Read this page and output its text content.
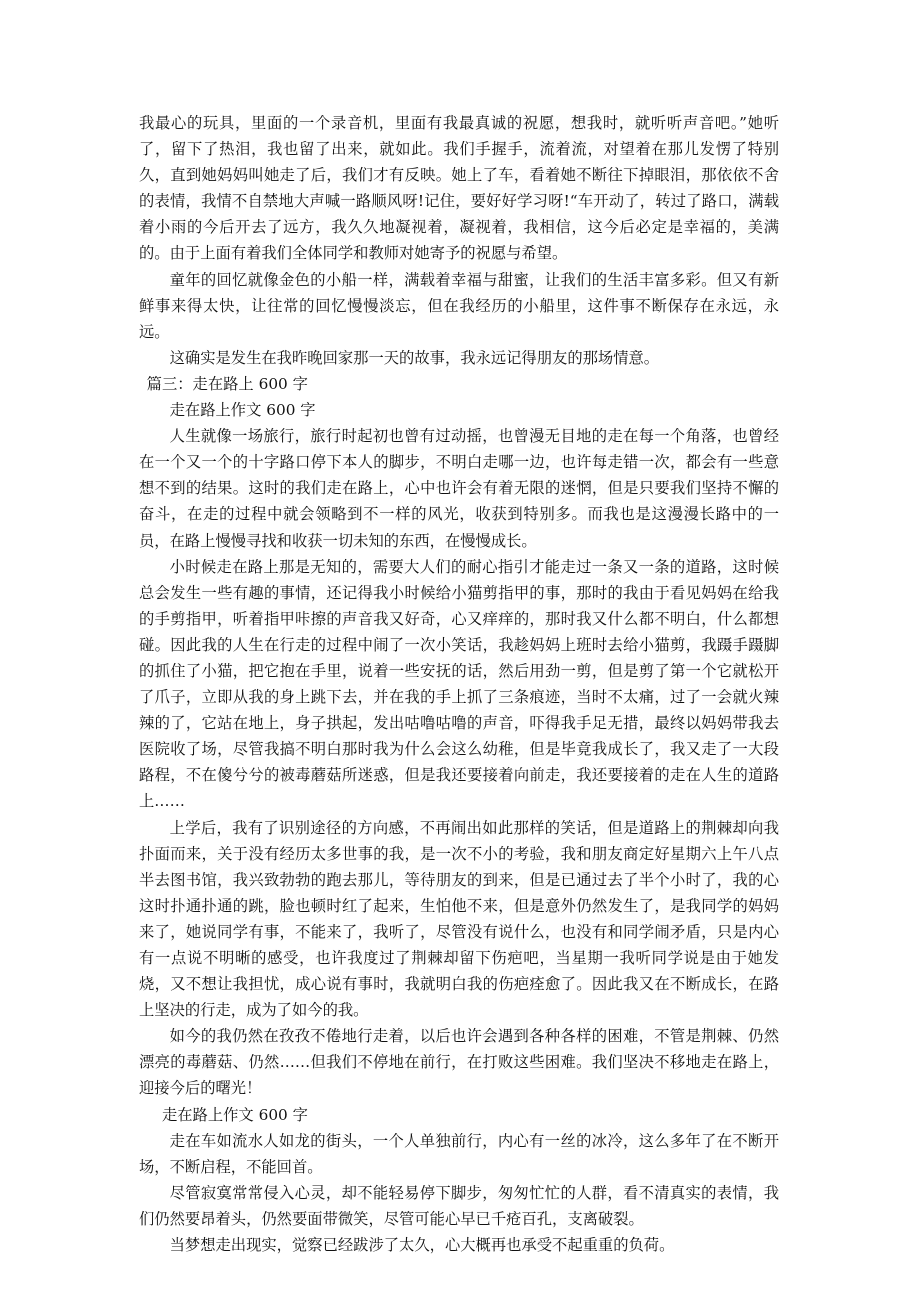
我最心的玩具，里面的一个录音机，里面有我最真诚的祝愿，想我时，就听听声音吧。”她听了，留下了热泪，我也留了出来，就如此。我们手握手，流着流，对望着在那儿发愣了特别久，直到她妈妈叫她走了后，我们才有反映。她上了车，看着她不断往下掉眼泪，那依依不舍的表情，我情不自禁地大声喊一路顺风呀!记住，要好好学习呀!“车开动了，转过了路口，满载着小雨的今后开去了远方，我久久地凝视着，凝视着，我相信，这今后必定是幸福的，美满的。由于上面有着我们全体同学和教师对她寄予的祝愿与希望。

童年的回忆就像金色的小船一样，满载着幸福与甜蜜，让我们的生活丰富多彩。但又有新鲜事来得太快，让往常的回忆慢慢淡忘，但在我经历的小船里，这件事不断保存在永远，永远。

这确实是发生在我昨晚回家那一天的故事，我永远记得朋友的那场情意。

篇三：走在路上 600 字

走在路上作文 600 字

人生就像一场旅行，旅行时起初也曾有过动摇，也曾漫无目地的走在每一个角落，也曾经在一个又一个的十字路口停下本人的脚步，不明白走哪一边，也许每走错一次，都会有一些意想不到的结果。这时的我们走在路上，心中也许会有着无限的迷惘，但是只要我们坚持不懈的奋斗，在走的过程中就会领略到不一样的风光，收获到特别多。而我也是这漫漫长路中的一员，在路上慢慢寻找和收获一切未知的东西，在慢慢成长。

小时候走在路上那是无知的，需要大人们的耐心指引才能走过一条又一条的道路，这时候总会发生一些有趣的事情，还记得我小时候给小猫剪指甲的事，那时的我由于看见妈妈在给我的手剪指甲，听着指甲咔擦的声音我又好奇，心又痒痒的，那时我又什么都不明白，什么都想碰。因此我的人生在行走的过程中闹了一次小笑话，我趁妈妈上班时去给小猫剪，我蹑手蹑脚的抓住了小猫，把它抱在手里，说着一些安抚的话，然后用劲一剪，但是剪了第一个它就松开了爪子，立即从我的身上跳下去，并在我的手上抓了三条痕迹，当时不太痛，过了一会就火辣辣的了，它站在地上，身子拱起，发出咕噜咕噜的声音，吓得我手足无措，最终以妈妈带我去医院收了场，尽管我搞不明白那时我为什么会这么幼稚，但是毕竟我成长了，我又走了一大段路程，不在傻兮兮的被毒蘑菇所迷惑，但是我还要接着向前走，我还要接着的走在人生的道路上……

上学后，我有了识别途径的方向感，不再闹出如此那样的笑话，但是道路上的荆棘却向我扑面而来，关于没有经历太多世事的我，是一次不小的考验，我和朋友商定好星期六上午八点半去图书馆，我兴致勃勃的跑去那儿，等待朋友的到来，但是已通过去了半个小时了，我的心这时扑通扑通的跳，脸也顿时红了起来，生怕他不来，但是意外仍然发生了，是我同学的妈妈来了，她说同学有事，不能来了，我听了，尽管没有说什么，也没有和同学闹矛盾，只是内心有一点说不明晰的感受，也许我度过了荆棘却留下伤疤吧，当星期一我听同学说是由于她发烧，又不想让我担忧，成心说有事时，我就明白我的伤疤痊愈了。因此我又在不断成长，在路上坚决的行走，成为了如今的我。

如今的我仍然在孜孜不倦地行走着，以后也许会遇到各种各样的困难，不管是荆棘、仍然漂亮的毒蘑菇、仍然……但我们不停地在前行，在打败这些困难。我们坚决不移地走在路上，迎接今后的曙光！

走在路上作文 600 字

走在车如流水人如龙的街头，一个人单独前行，内心有一丝的冰冷，这么多年了在不断开场，不断启程，不能回首。

尽管寂寞常常侵入心灵，却不能轻易停下脚步，匆匆忙忙的人群，看不清真实的表情，我们仍然要昂着头，仍然要面带微笑，尽管可能心早已千疮百孔，支离破裂。

当梦想走出现实，觉察已经跋涉了太久，心大概再也承受不起重重的负荷。
